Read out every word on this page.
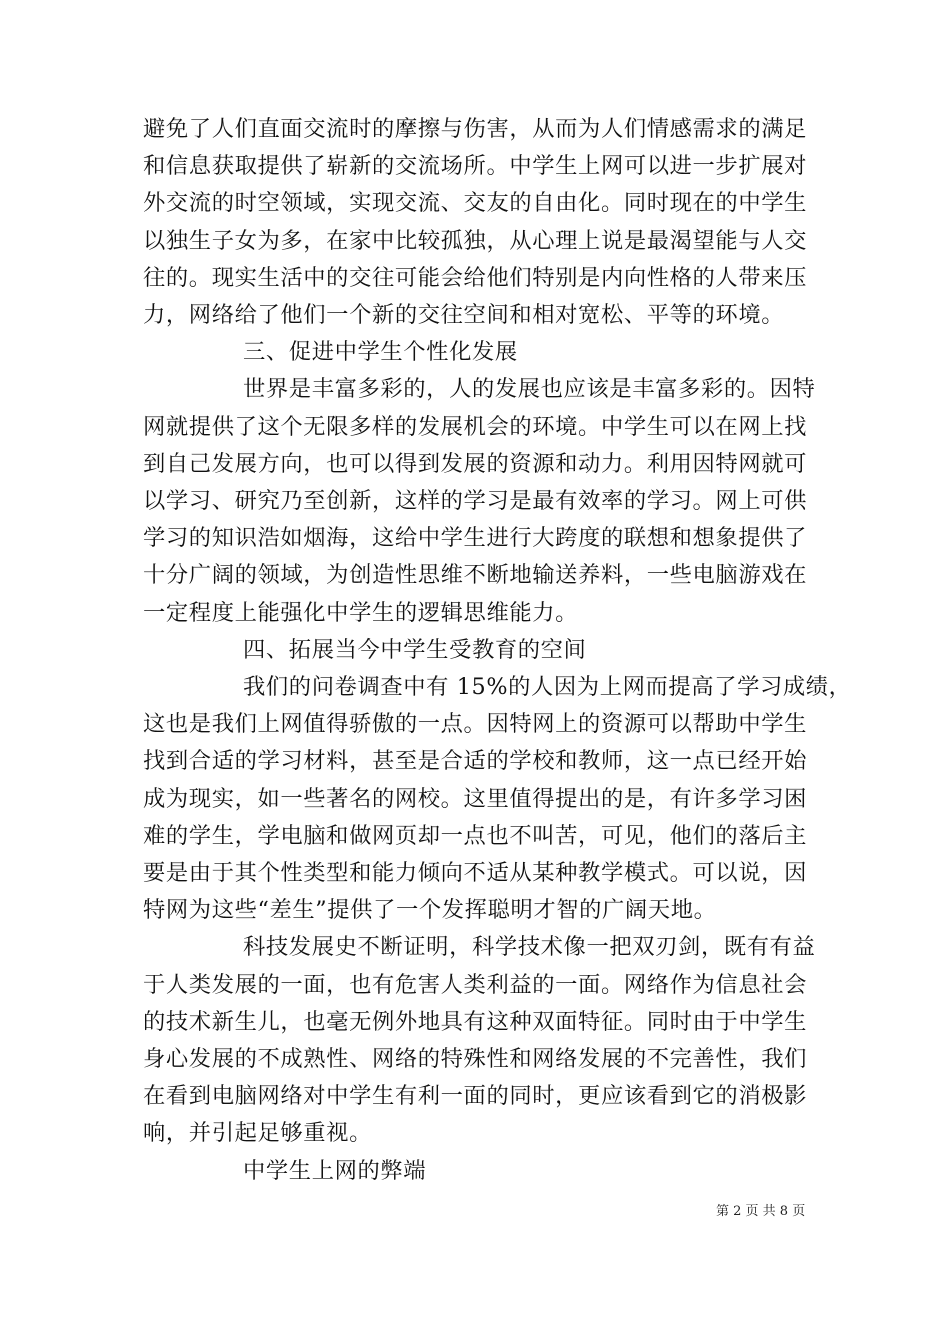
避免了人们直面交流时的摩擦与伤害，从而为人们情感需求的满足
和信息获取提供了崭新的交流场所。中学生上网可以进一步扩展对
外交流的时空领域，实现交流、交友的自由化。同时现在的中学生
以独生子女为多，在家中比较孤独，从心理上说是最渴望能与人交
往的。现实生活中的交往可能会给他们特别是内向性格的人带来压
力，网络给了他们一个新的交往空间和相对宽松、平等的环境。
三、促进中学生个性化发展
世界是丰富多彩的，人的发展也应该是丰富多彩的。因特
网就提供了这个无限多样的发展机会的环境。中学生可以在网上找
到自己发展方向，也可以得到发展的资源和动力。利用因特网就可
以学习、研究乃至创新，这样的学习是最有效率的学习。网上可供
学习的知识浩如烟海，这给中学生进行大跨度的联想和想象提供了
十分广阔的领域，为创造性思维不断地输送养料，一些电脑游戏在
一定程度上能强化中学生的逻辑思维能力。
四、拓展当今中学生受教育的空间
我们的问卷调查中有 15%的人因为上网而提高了学习成绩，
这也是我们上网值得骄傲的一点。因特网上的资源可以帮助中学生
找到合适的学习材料，甚至是合适的学校和教师，这一点已经开始
成为现实，如一些著名的网校。这里值得提出的是，有许多学习困
难的学生，学电脑和做网页却一点也不叫苦，可见，他们的落后主
要是由于其个性类型和能力倾向不适从某种教学模式。可以说，因
特网为这些“差生”提供了一个发挥聪明才智的广阔天地。
科技发展史不断证明，科学技术像一把双刃剑，既有有益
于人类发展的一面，也有危害人类利益的一面。网络作为信息社会
的技术新生儿，也毫无例外地具有这种双面特征。同时由于中学生
身心发展的不成熟性、网络的特殊性和网络发展的不完善性，我们
在看到电脑网络对中学生有利一面的同时，更应该看到它的消极影
响，并引起足够重视。
中学生上网的弊端
第 2 页 共 8 页
